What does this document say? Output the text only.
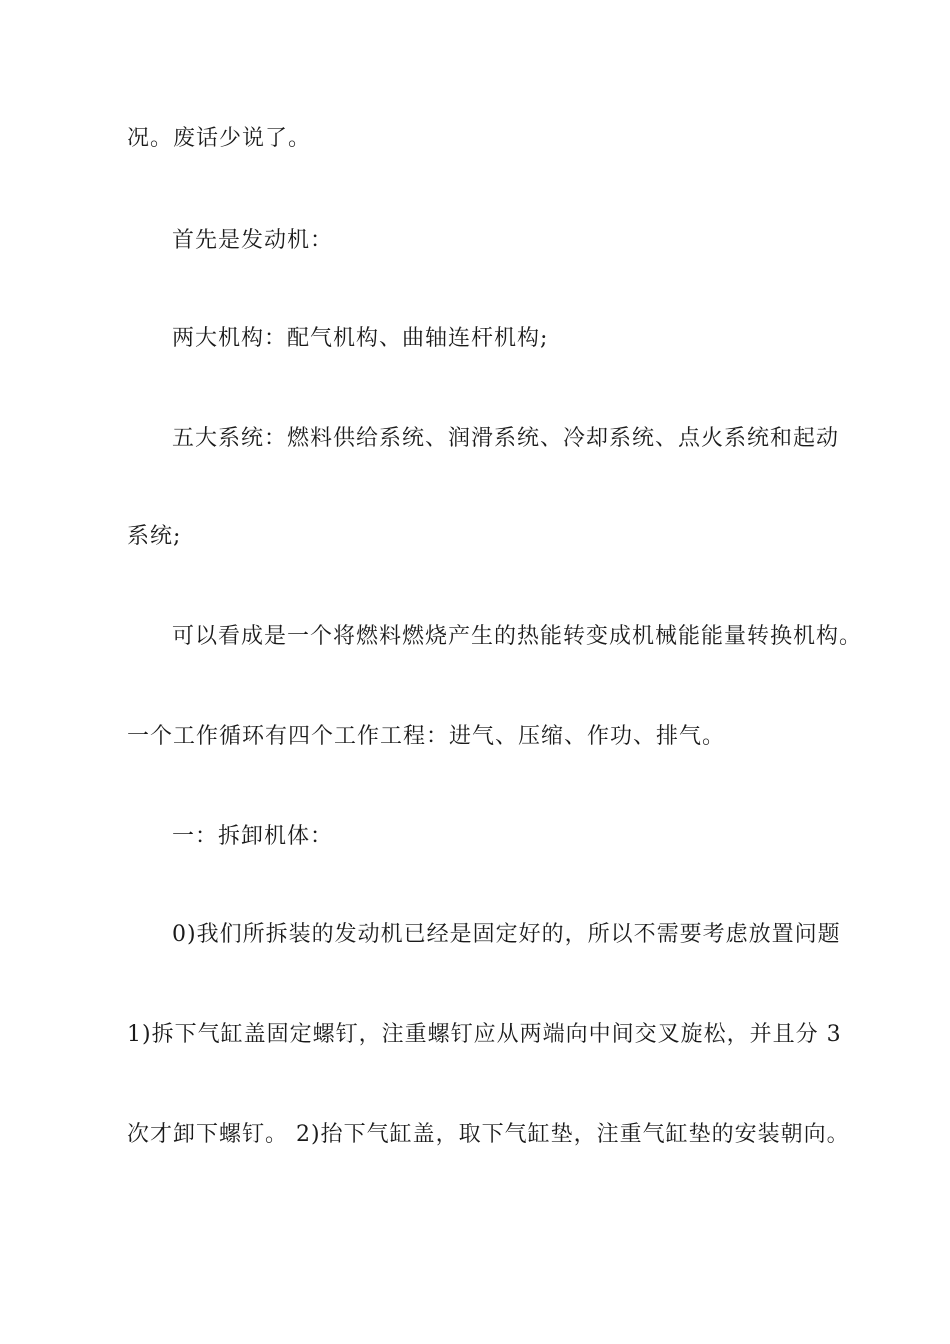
况。废话少说了。
首先是发动机：
两大机构：配气机构、曲轴连杆机构;
五大系统：燃料供给系统、润滑系统、冷却系统、点火系统和起动
系统;
可以看成是一个将燃料燃烧产生的热能转变成机械能能量转换机构。
一个工作循环有四个工作工程：进气、压缩、作功、排气。
一：拆卸机体：
0)我们所拆装的发动机已经是固定好的，所以不需要考虑放置问题
1)拆下气缸盖固定螺钉，注重螺钉应从两端向中间交叉旋松，并且分 3
次才卸下螺钉。 2)抬下气缸盖，取下气缸垫，注重气缸垫的安装朝向。
